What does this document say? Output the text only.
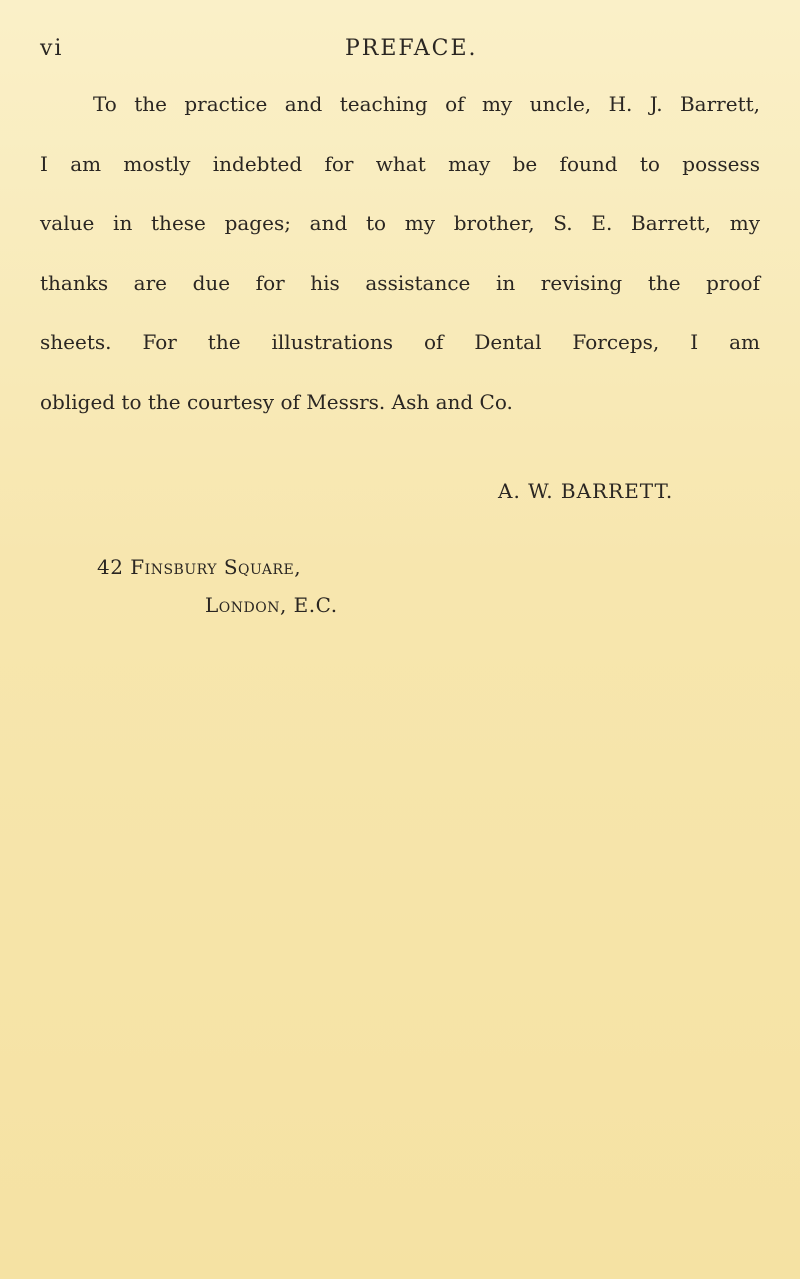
vi	PREFACE.
To the practice and teaching of my uncle, H. J. Barrett,
I am mostly indebted for what may be found to possess
value in these pages; and to my brother, S. E. Barrett, my
thanks are due for his assistance in revising the proof
sheets. For the illustrations of Dental Forceps, I am
obliged to the courtesy of Messrs. Ash and Co.
A. W. BARRETT.
42 Finsbury Square,
London, E.C.
